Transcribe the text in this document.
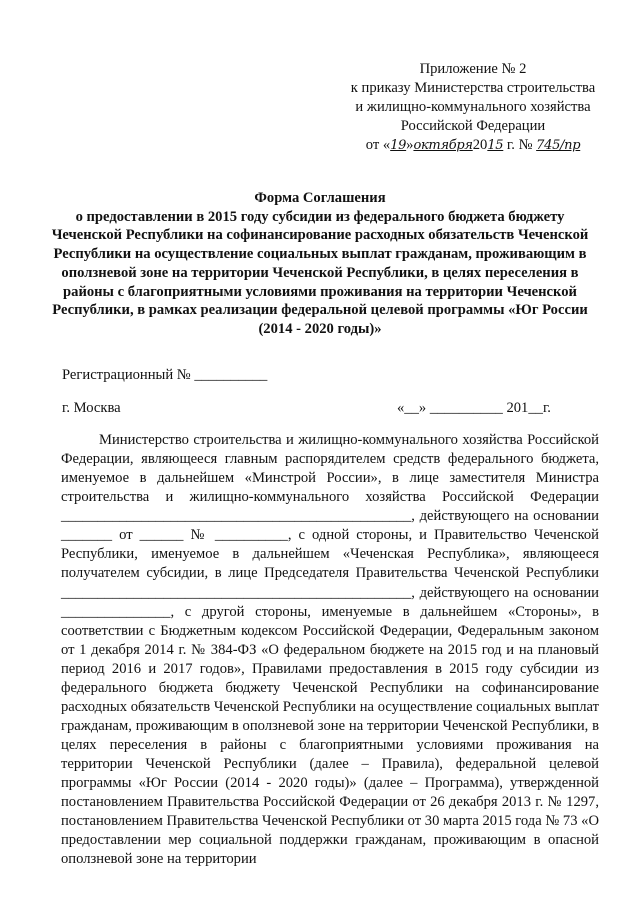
Приложение № 2
к приказу Министерства строительства
и жилищно-коммунального хозяйства
Российской Федерации
от «19»октября2015 г. № 745/пр
Форма Соглашения
о предоставлении в 2015 году субсидии из федерального бюджета бюджету Чеченской Республики на софинансирование расходных обязательств Чеченской Республики на осуществление социальных выплат гражданам, проживающим в оползневой зоне на территории Чеченской Республики, в целях переселения в районы с благоприятными условиями проживания на территории Чеченской Республики, в рамках реализации федеральной целевой программы «Юг России (2014 - 2020 годы)»
Регистрационный № __________
г. Москва	«__» __________ 201__г.

Министерство строительства и жилищно-коммунального хозяйства Российской Федерации, являющееся главным распорядителем средств федерального бюджета, именуемое в дальнейшем «Минстрой России», в лице заместителя Министра строительства и жилищно-коммунального хозяйства Российской Федерации ________________________________________________, действующего на основании _______ от ______ № __________, с одной стороны, и Правительство Чеченской Республики, именуемое в дальнейшем «Чеченская Республика», являющееся получателем субсидии, в лице Председателя Правительства Чеченской Республики ________________________________________________, действующего на основании _______________, с другой стороны, именуемые в дальнейшем «Стороны», в соответствии с Бюджетным кодексом Российской Федерации, Федеральным законом от 1 декабря 2014 г. № 384-ФЗ «О федеральном бюджете на 2015 год и на плановый период 2016 и 2017 годов», Правилами предоставления в 2015 году субсидии из федерального бюджета бюджету Чеченской Республики на софинансирование расходных обязательств Чеченской Республики на осуществление социальных выплат гражданам, проживающим в оползневой зоне на территории Чеченской Республики, в целях переселения в районы с благоприятными условиями проживания на территории Чеченской Республики (далее – Правила), федеральной целевой программы «Юг России (2014 - 2020 годы)» (далее – Программа), утвержденной постановлением Правительства Российской Федерации от 26 декабря 2013 г. № 1297, постановлением Правительства Чеченской Республики от 30 марта 2015 года № 73 «О предоставлении мер социальной поддержки гражданам, проживающим в опасной оползневой зоне на территории
